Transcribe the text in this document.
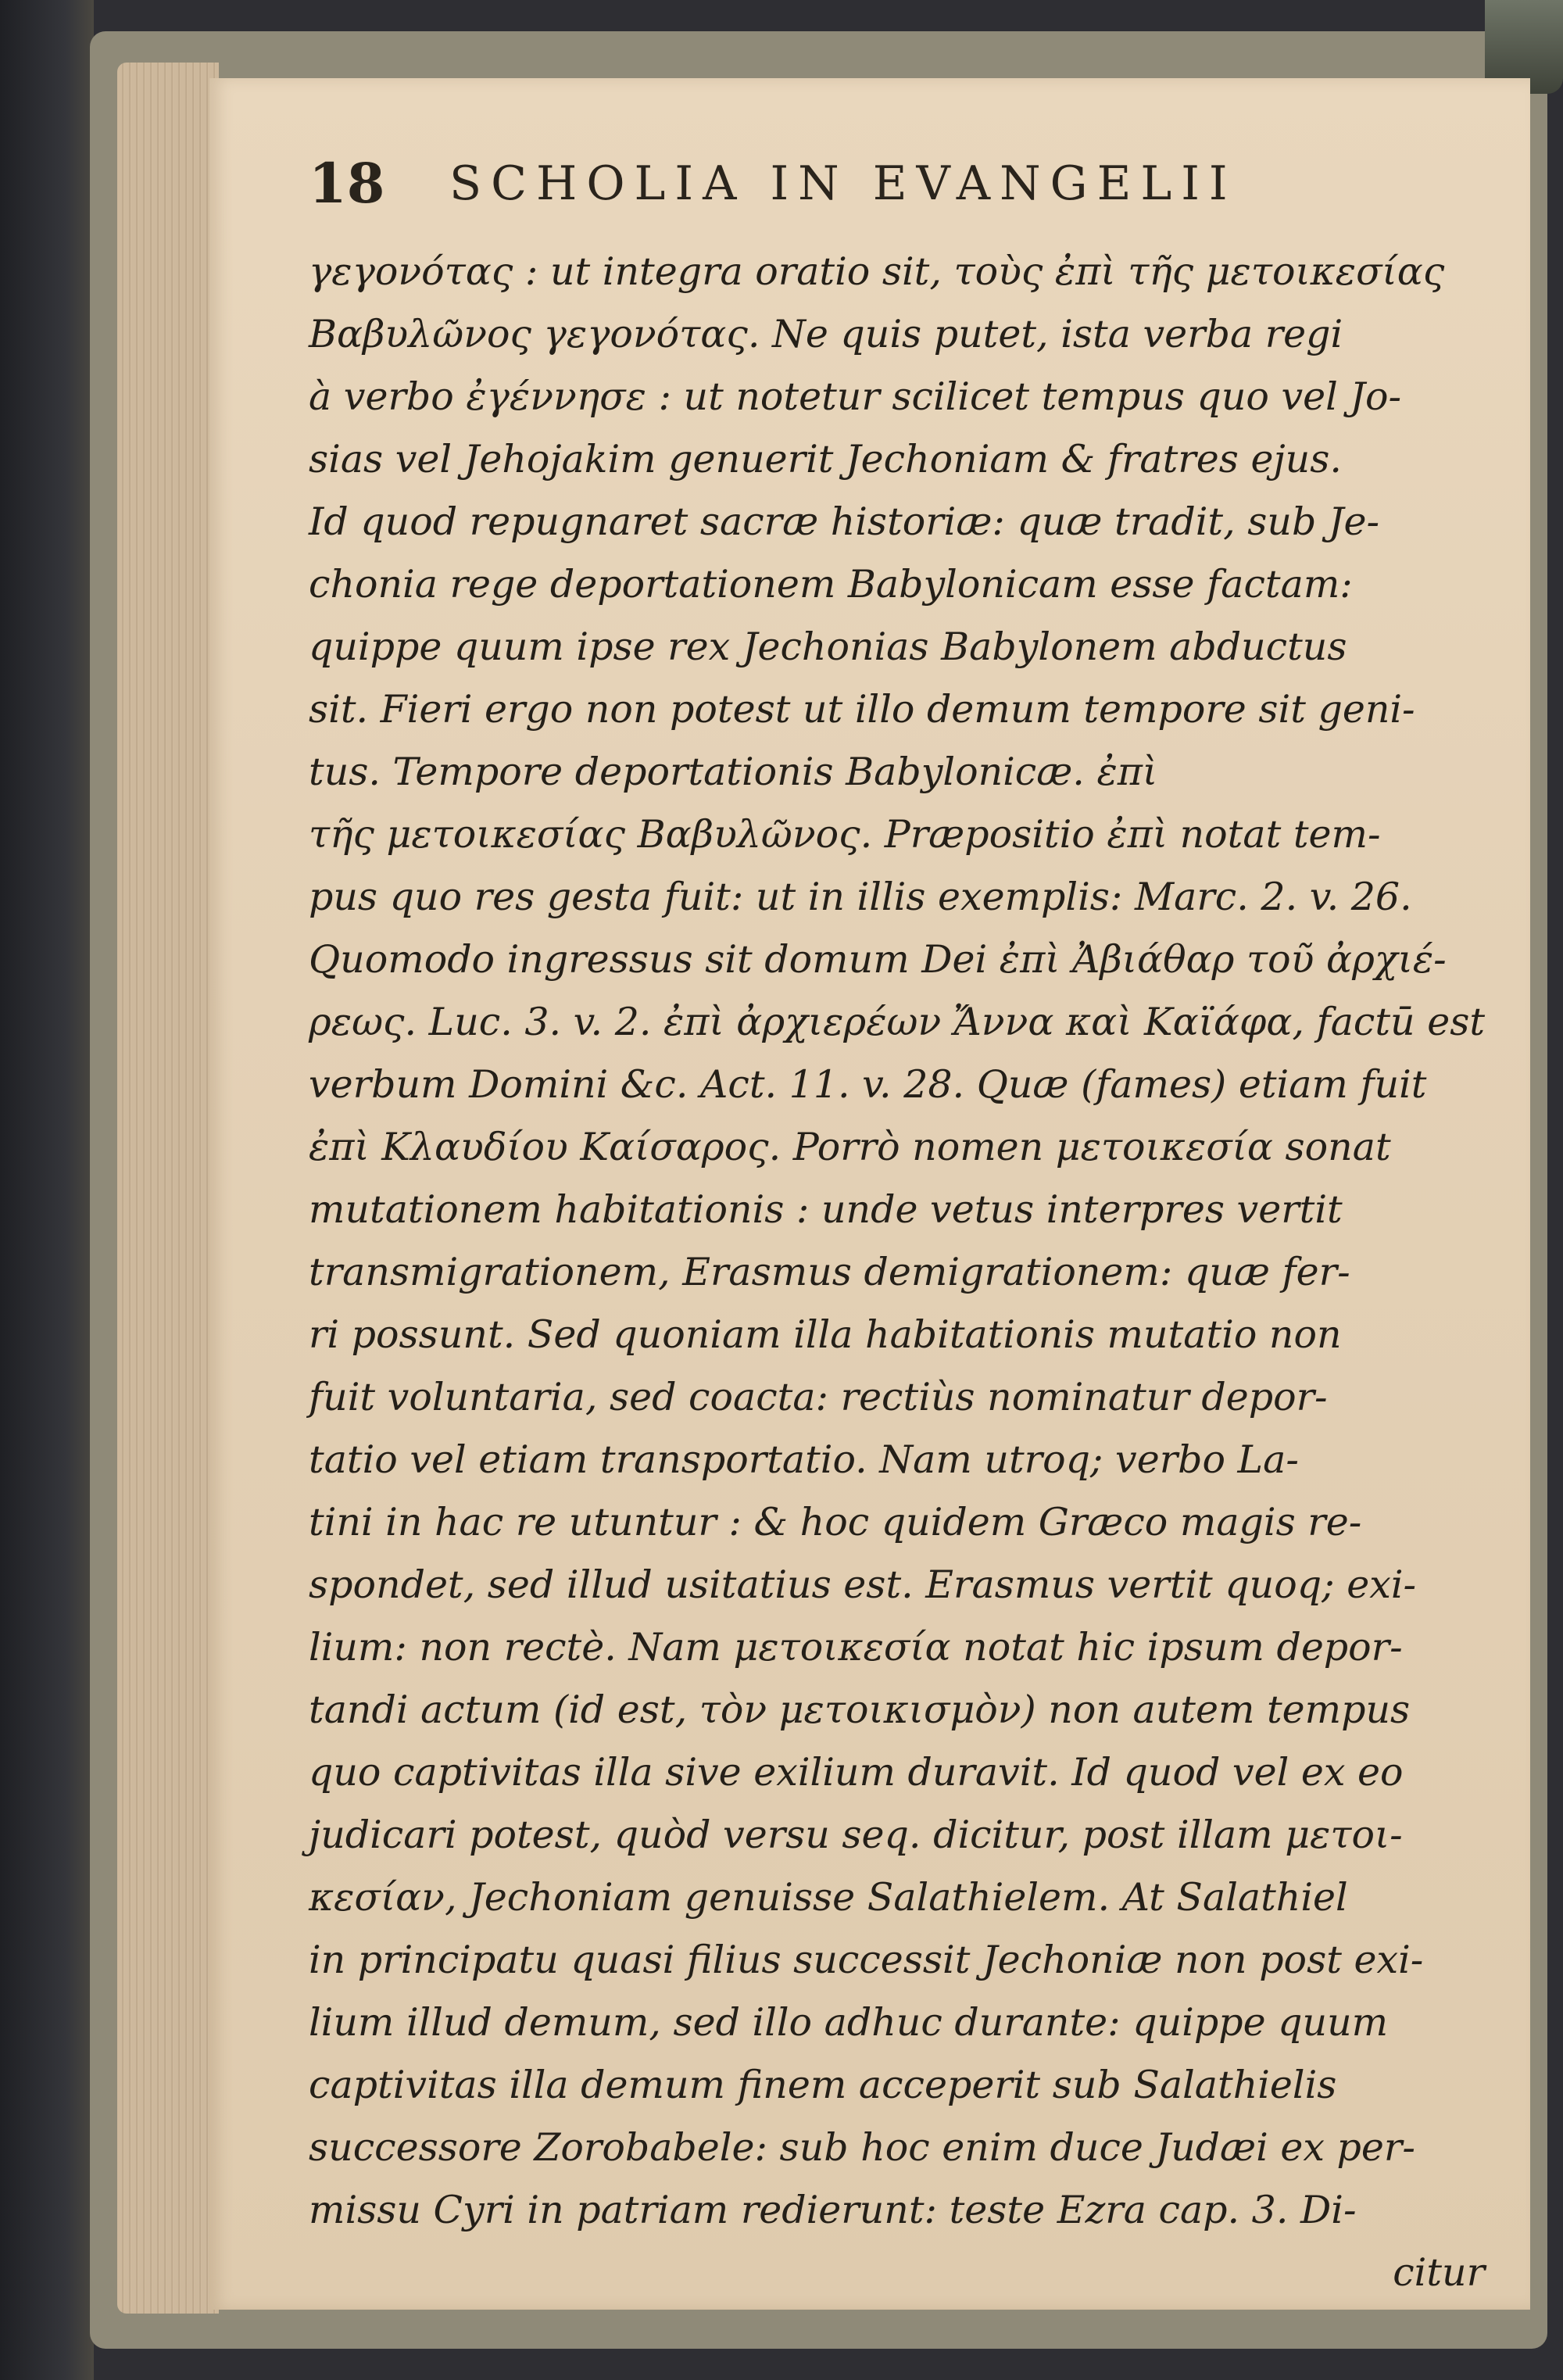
18 SCHOLIA IN EVANGELII

γεγονότας : ut integra oratio sit, τοὺς ἐπὶ τῆς μετοικεσίας

Βαβυλῶνος γεγονότας. Ne quis putet, ista verba regi

à verbo ἐγέννησε : ut notetur scilicet tempus quo vel Jo-

sias vel Jehojakim genuerit Jechoniam & fratres ejus.

Id quod repugnaret sacræ historiæ: quæ tradit, sub Je-

chonia rege deportationem Babylonicam esse factam:

quippe quum ipse rex Jechonias Babylonem abductus

sit. Fieri ergo non potest ut illo demum tempore sit geni-

tus. Tempore deportationis Babylonicæ. ἐπὶ

τῆς μετοικεσίας Βαβυλῶνος. Præpositio ἐπὶ notat tem-

pus quo res gesta fuit: ut in illis exemplis: Marc. 2. v. 26.

Quomodo ingressus sit domum Dei ἐπὶ Ἀβιάθαρ τοῦ ἀρχιέ-

ρεως. Luc. 3. v. 2. ἐπὶ ἀρχιερέων Ἄννα καὶ Καϊάφα, factū est

verbum Domini &c. Act. 11. v. 28. Quæ (fames) etiam fuit

ἐπὶ Κλαυδίου Καίσαρος. Porrò nomen μετοικεσία sonat

mutationem habitationis : unde vetus interpres vertit

transmigrationem, Erasmus demigrationem: quæ fer-

ri possunt. Sed quoniam illa habitationis mutatio non

fuit voluntaria, sed coacta: rectiùs nominatur depor-

tatio vel etiam transportatio. Nam utroq; verbo La-

tini in hac re utuntur : & hoc quidem Græco magis re-

spondet, sed illud usitatius est. Erasmus vertit quoq; exi-

lium: non rectè. Nam μετοικεσία notat hic ipsum depor-

tandi actum (id est, τὸν μετοικισμὸν) non autem tempus

quo captivitas illa sive exilium duravit. Id quod vel ex eo

judicari potest, quòd versu seq. dicitur, post illam μετοι-

κεσίαν, Jechoniam genuisse Salathielem. At Salathiel

in principatu quasi filius successit Jechoniæ non post exi-

lium illud demum, sed illo adhuc durante: quippe quum

captivitas illa demum finem acceperit sub Salathielis

successore Zorobabele: sub hoc enim duce Judæi ex per-

missu Cyri in patriam redierunt: teste Ezra cap. 3. Di-

citur
